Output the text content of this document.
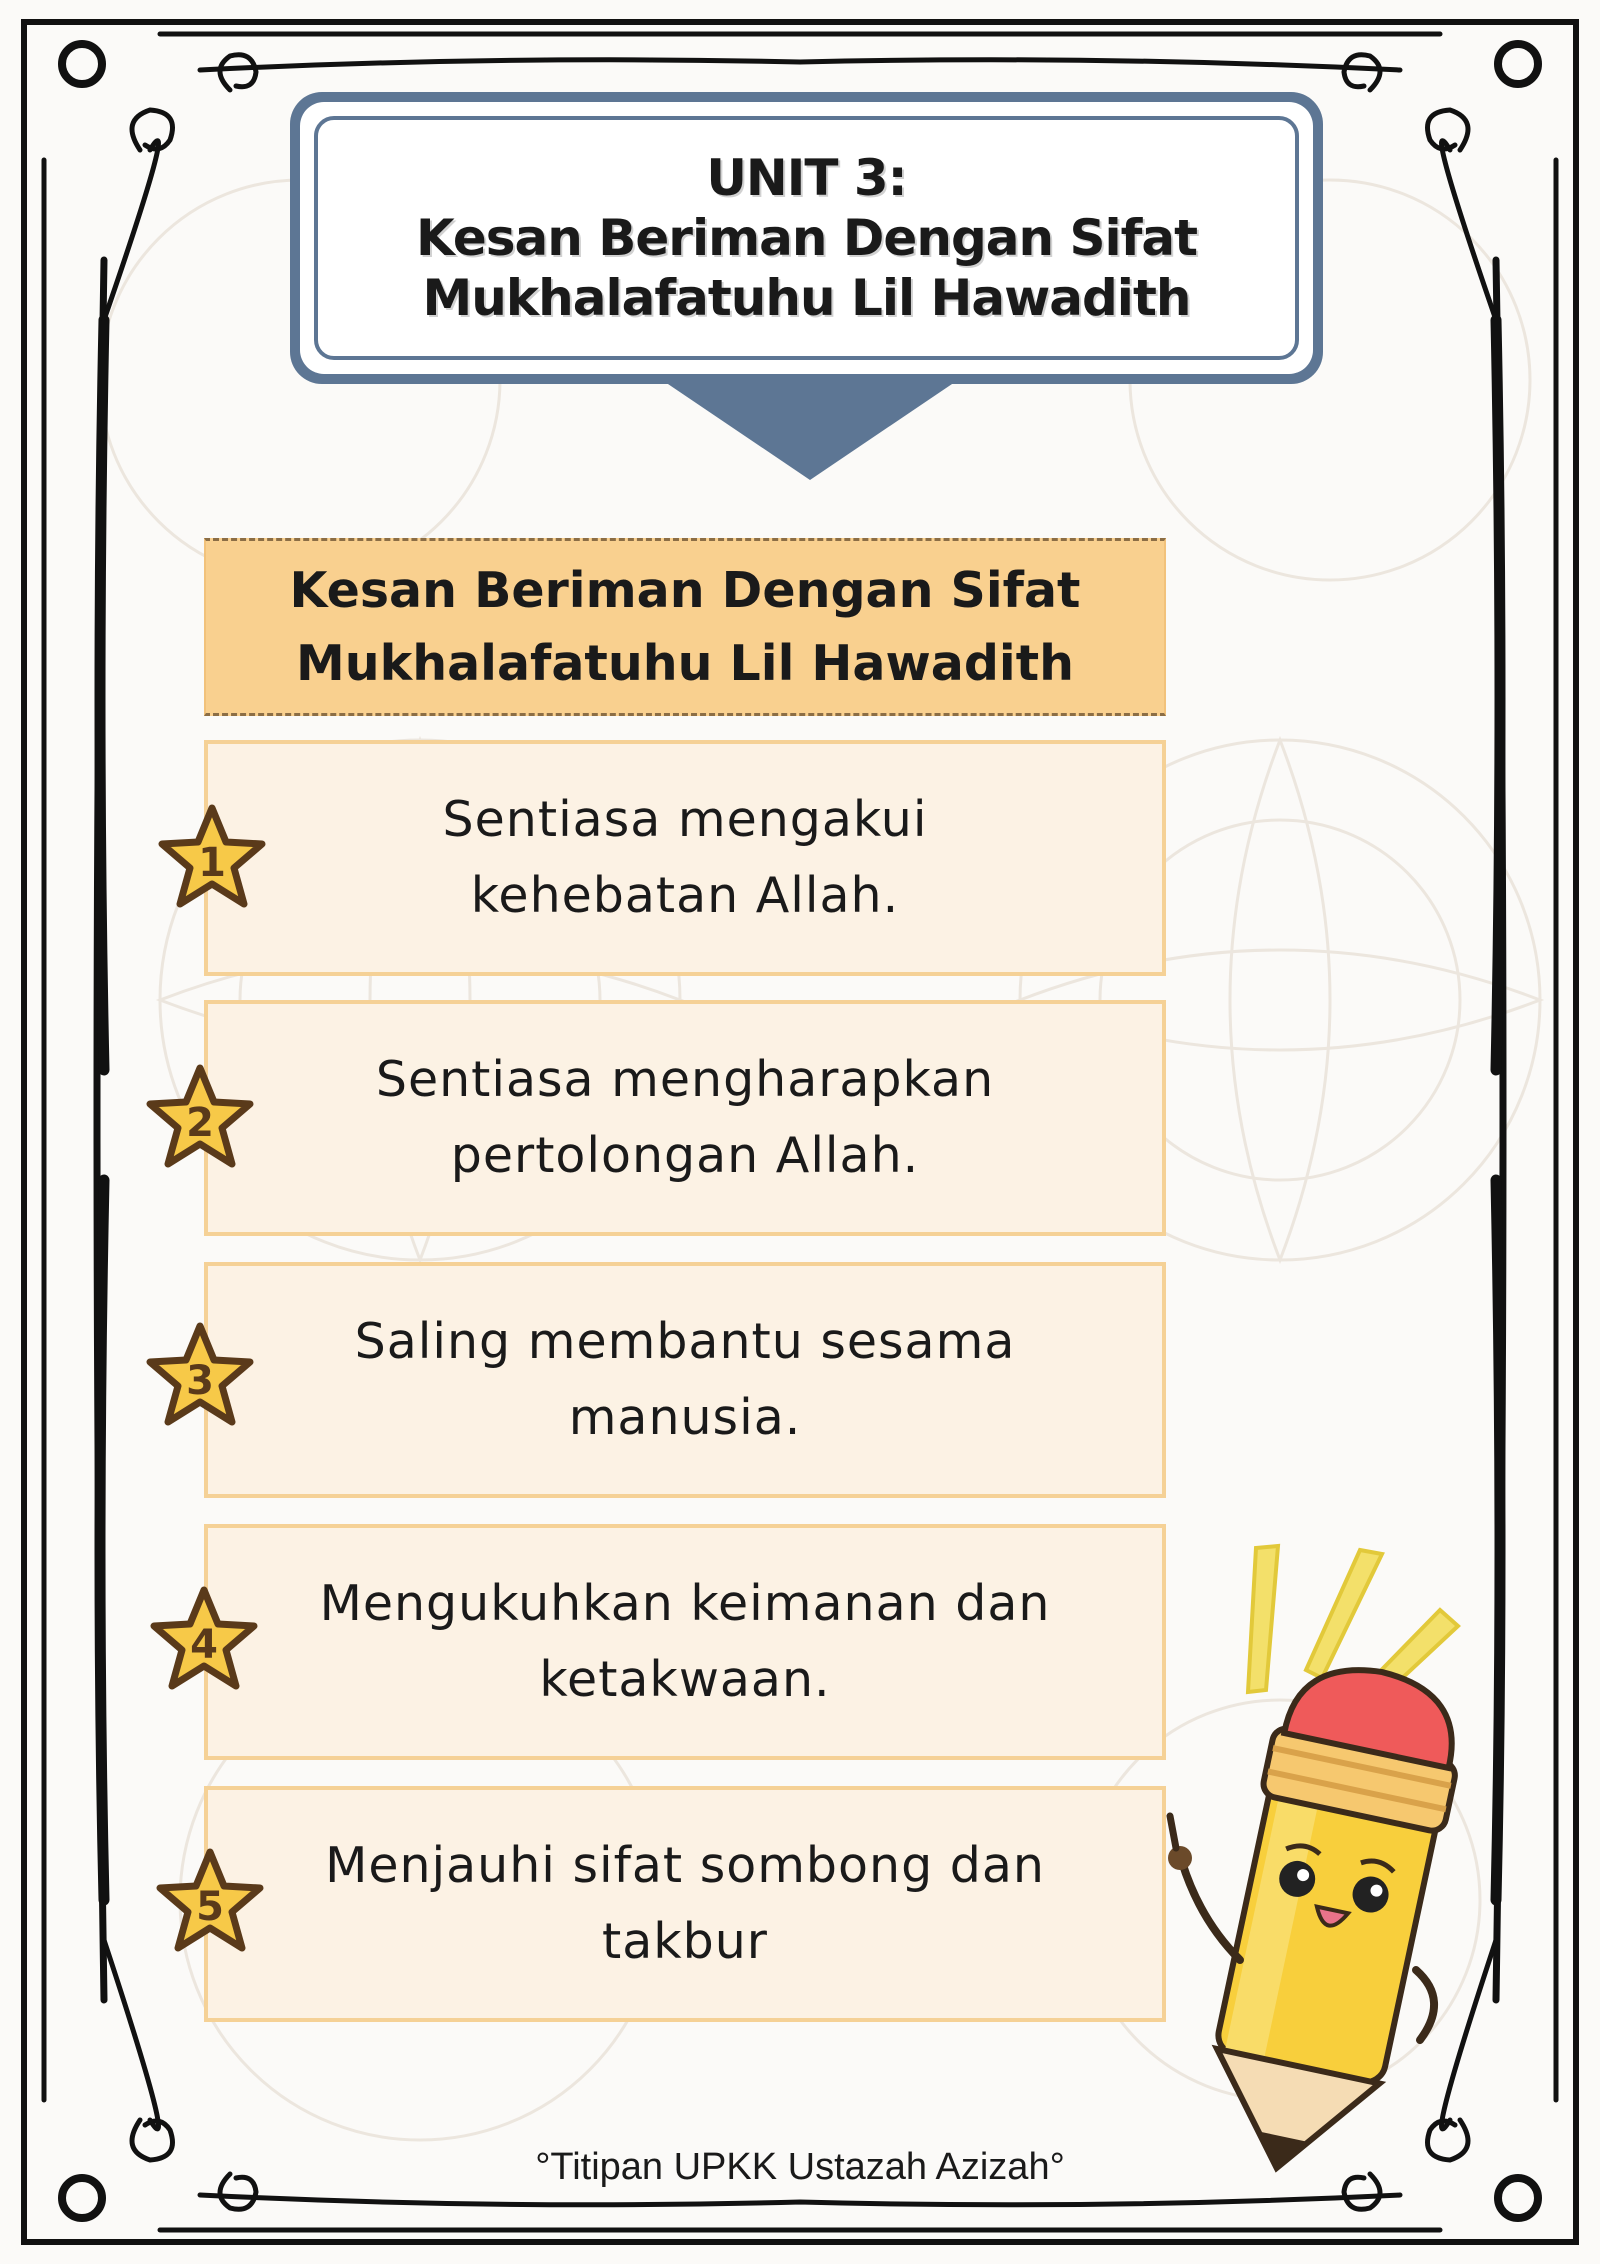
UNIT 3:
Kesan Beriman Dengan Sifat
Mukhalafatuhu Lil Hawadith
Kesan Beriman Dengan Sifat
Mukhalafatuhu Lil Hawadith
Sentiasa mengakui
kehebatan Allah.
1
Sentiasa mengharapkan
pertolongan Allah.
2
Saling membantu sesama
manusia.
3
Mengukuhkan keimanan dan
ketakwaan.
4
Menjauhi sifat sombong dan
takbur
5
°Titipan UPKK Ustazah Azizah°
